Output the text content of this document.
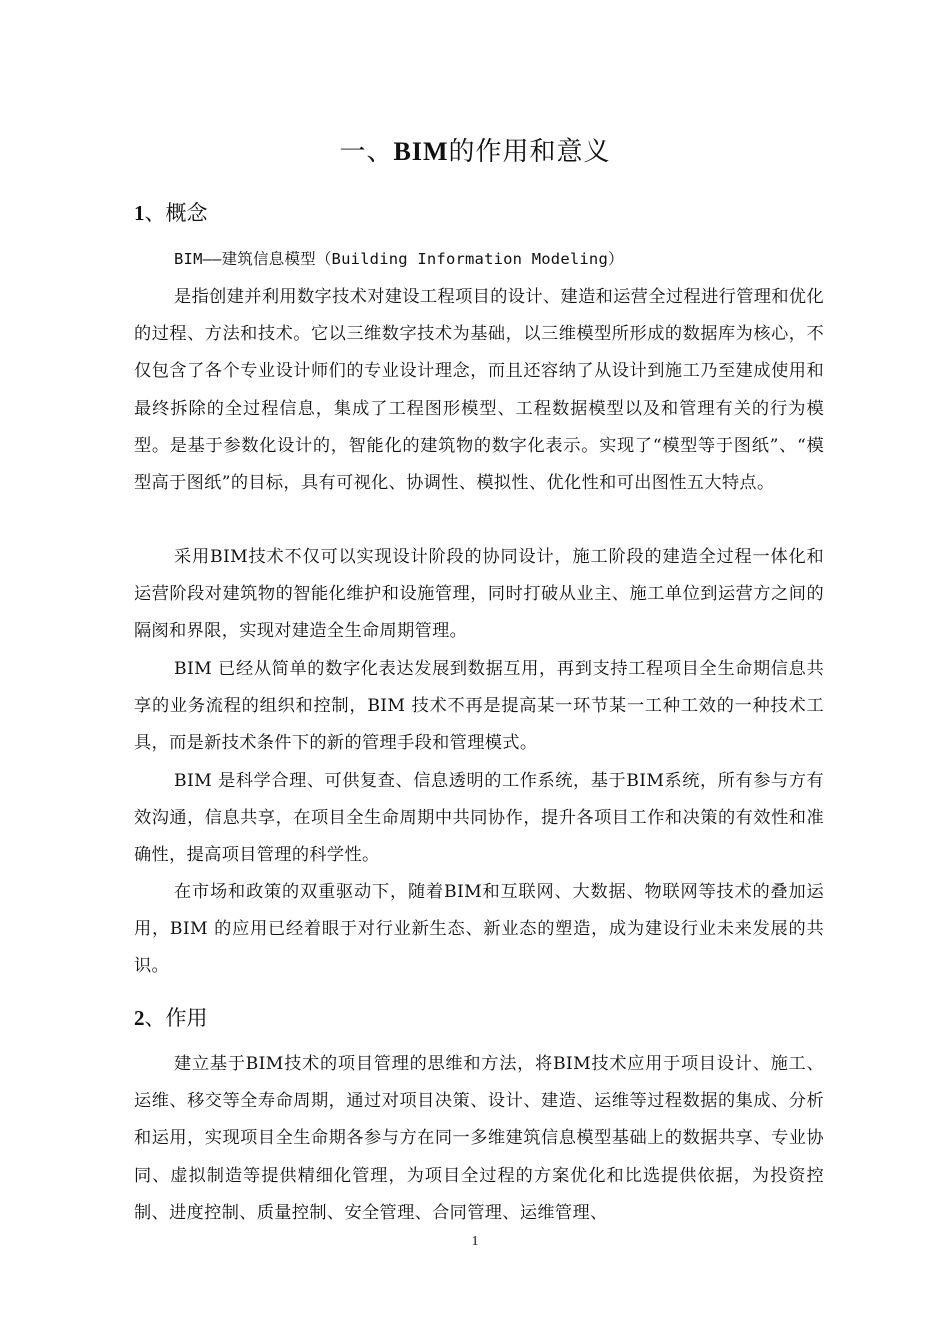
一、BIM的作用和意义
1、概念

BIM——建筑信息模型（Building Information Modeling）

是指创建并利用数字技术对建设工程项目的设计、建造和运营全过程进行管理和优化的过程、方法和技术。它以三维数字技术为基础，以三维模型所形成的数据库为核心，不仅包含了各个专业设计师们的专业设计理念，而且还容纳了从设计到施工乃至建成使用和最终拆除的全过程信息，集成了工程图形模型、工程数据模型以及和管理有关的行为模型。是基于参数化设计的，智能化的建筑物的数字化表示。实现了“模型等于图纸”、“模型高于图纸”的目标，具有可视化、协调性、模拟性、优化性和可出图性五大特点。

采用BIM技术不仅可以实现设计阶段的协同设计，施工阶段的建造全过程一体化和运营阶段对建筑物的智能化维护和设施管理，同时打破从业主、施工单位到运营方之间的隔阂和界限，实现对建造全生命周期管理。

BIM 已经从简单的数字化表达发展到数据互用，再到支持工程项目全生命期信息共享的业务流程的组织和控制，BIM 技术不再是提高某一环节某一工种工效的一种技术工具，而是新技术条件下的新的管理手段和管理模式。

BIM 是科学合理、可供复查、信息透明的工作系统，基于BIM系统，所有参与方有效沟通，信息共享，在项目全生命周期中共同协作，提升各项目工作和决策的有效性和准确性，提高项目管理的科学性。

在市场和政策的双重驱动下，随着BIM和互联网、大数据、物联网等技术的叠加运用，BIM 的应用已经着眼于对行业新生态、新业态的塑造，成为建设行业未来发展的共识。

2、作用

建立基于BIM技术的项目管理的思维和方法，将BIM技术应用于项目设计、施工、运维、移交等全寿命周期，通过对项目决策、设计、建造、运维等过程数据的集成、分析和运用，实现项目全生命期各参与方在同一多维建筑信息模型基础上的数据共享、专业协同、虚拟制造等提供精细化管理，为项目全过程的方案优化和比选提供依据，为投资控制、进度控制、质量控制、安全管理、合同管理、运维管理、

1
